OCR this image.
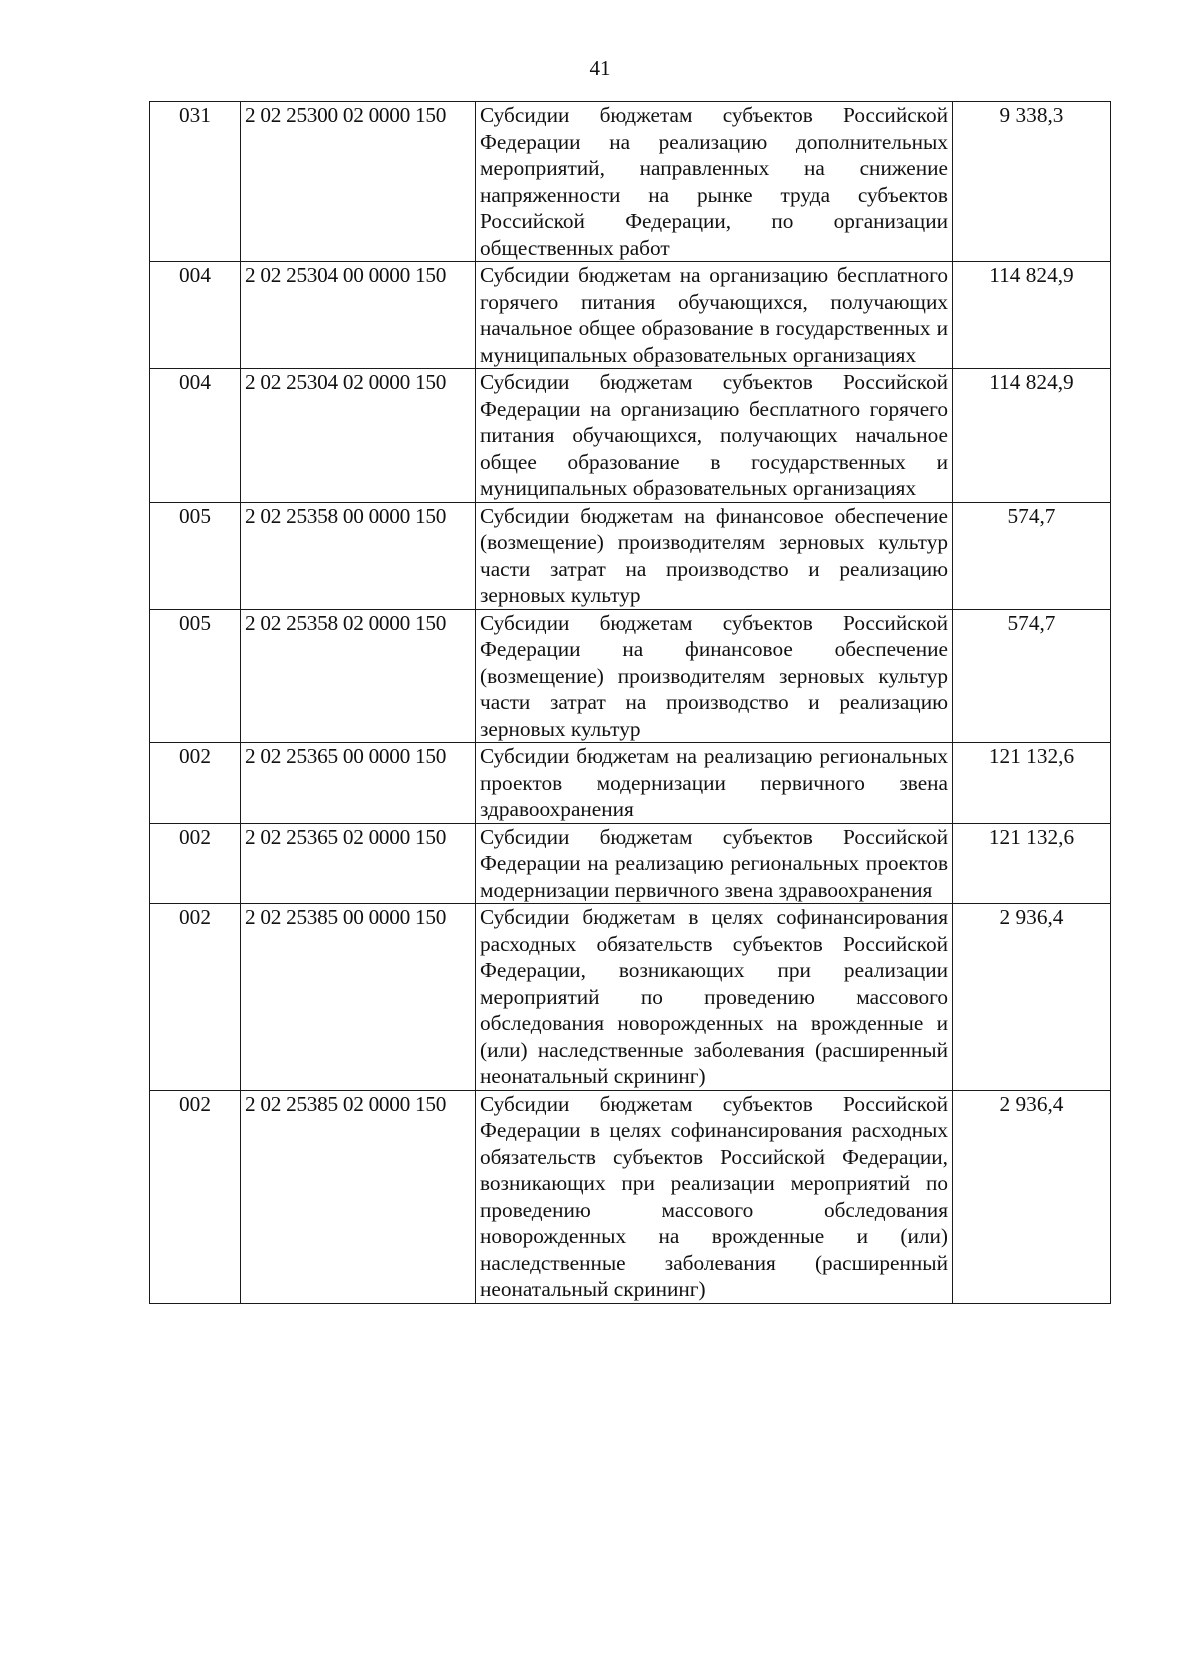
41
031	2 02 25300 02 0000 150	Субсидии бюджетам субъектов Российской Федерации на реализацию дополнительных мероприятий, направленных на снижение напряженности на рынке труда субъектов Российской Федерации, по организации общественных работ	9 338,3
004	2 02 25304 00 0000 150	Субсидии бюджетам на организацию бесплатного горячего питания обучающихся, получающих начальное общее образование в государственных и муниципальных образовательных организациях	114 824,9
004	2 02 25304 02 0000 150	Субсидии бюджетам субъектов Российской Федерации на организацию бесплатного горячего питания обучающихся, получающих начальное общее образование в государственных и муниципальных образовательных организациях	114 824,9
005	2 02 25358 00 0000 150	Субсидии бюджетам на финансовое обеспечение (возмещение) производителям зерновых культур части затрат на производство и реализацию зерновых культур	574,7
005	2 02 25358 02 0000 150	Субсидии бюджетам субъектов Российской Федерации на финансовое обеспечение (возмещение) производителям зерновых культур части затрат на производство и реализацию зерновых культур	574,7
002	2 02 25365 00 0000 150	Субсидии бюджетам на реализацию региональных проектов модернизации первичного звена здравоохранения	121 132,6
002	2 02 25365 02 0000 150	Субсидии бюджетам субъектов Российской Федерации на реализацию региональных проектов модернизации первичного звена здравоохранения	121 132,6
002	2 02 25385 00 0000 150	Субсидии бюджетам в целях софинансирования расходных обязательств субъектов Российской Федерации, возникающих при реализации мероприятий по проведению массового обследования новорожденных на врожденные и (или) наследственные заболевания (расширенный неонатальный скрининг)	2 936,4
002	2 02 25385 02 0000 150	Субсидии бюджетам субъектов Российской Федерации в целях софинансирования расходных обязательств субъектов Российской Федерации, возникающих при реализации мероприятий по проведению массового обследования новорожденных на врожденные и (или) наследственные заболевания (расширенный неонатальный скрининг)	2 936,4
